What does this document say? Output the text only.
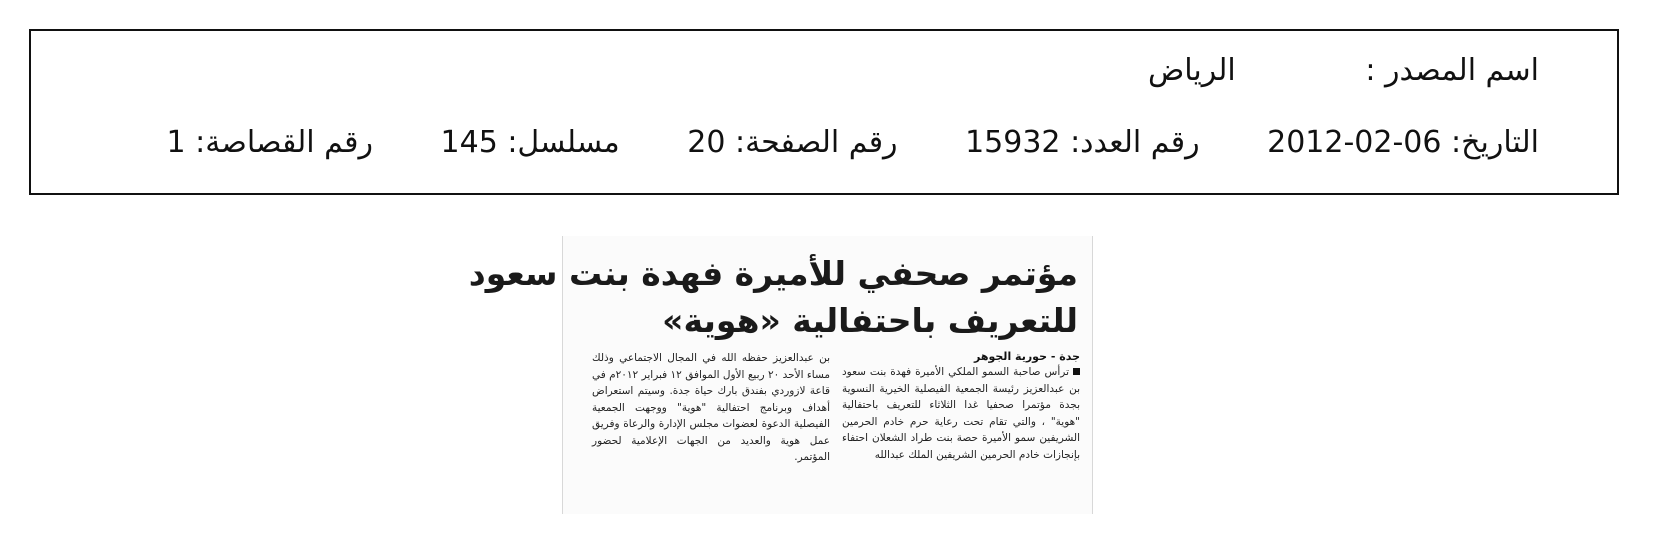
اسم المصدر : الرياض
التاريخ: 2012-02-06 رقم العدد: 15932 رقم الصفحة: 20 مسلسل: 145 رقم القصاصة: 1
مؤتمر صحفي للأميرة فهدة بنت سعود
للتعريف باحتفالية «هوية»
جدة - حورية الجوهر
ترأس صاحبة السمو الملكي الأميرة فهدة بنت سعود بن عبدالعزيز رئيسة الجمعية الفيصلية الخيرية النسوية بجدة مؤتمرا صحفيا غدا الثلاثاء للتعريف باحتفالية "هوية" ، والتي تقام تحت رعاية حرم خادم الحرمين الشريفين سمو الأميرة حصة بنت طراد الشعلان احتفاء بإنجازات خادم الحرمين الشريفين الملك عبدالله
بن عبدالعزيز حفظه الله في المجال الاجتماعي وذلك مساء الأحد ٢٠ ربيع الأول الموافق ١٢ فبراير ٢٠١٢م في قاعة لازوردي بفندق بارك حياة جدة. وسيتم استعراض أهداف وبرنامج احتفالية "هوية" ووجهت الجمعية الفيصلية الدعوة لعضوات مجلس الإدارة والرعاة وفريق عمل هوية والعديد من الجهات الإعلامية لحضور المؤتمر.
